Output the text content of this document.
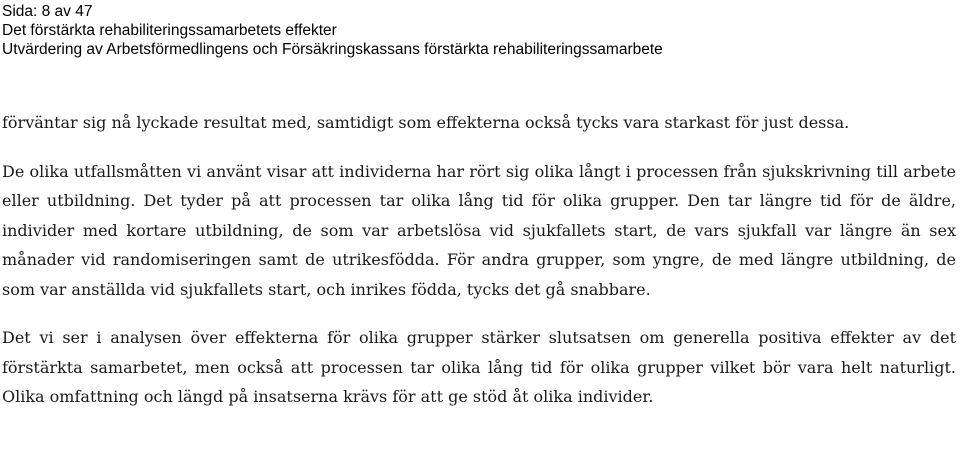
Sida: 8 av 47
Det förstärkta rehabiliteringssamarbetets effekter
Utvärdering av Arbetsförmedlingens och Försäkringskassans förstärkta rehabiliteringssamarbete

förväntar sig nå lyckade resultat med, samtidigt som effekterna också tycks vara starkast för just dessa.

De olika utfallsmåtten vi använt visar att individerna har rört sig olika långt i processen från sjukskrivning till arbete eller utbildning. Det tyder på att processen tar olika lång tid för olika grupper. Den tar längre tid för de äldre, individer med kortare utbildning, de som var arbetslösa vid sjukfallets start, de vars sjukfall var längre än sex månader vid randomiseringen samt de utrikesfödda. För andra grupper, som yngre, de med längre utbildning, de som var anställda vid sjukfallets start, och inrikes födda, tycks det gå snabbare.

Det vi ser i analysen över effekterna för olika grupper stärker slutsatsen om generella positiva effekter av det förstärkta samarbetet, men också att processen tar olika lång tid för olika grupper vilket bör vara helt naturligt. Olika omfattning och längd på insatserna krävs för att ge stöd åt olika individer.
